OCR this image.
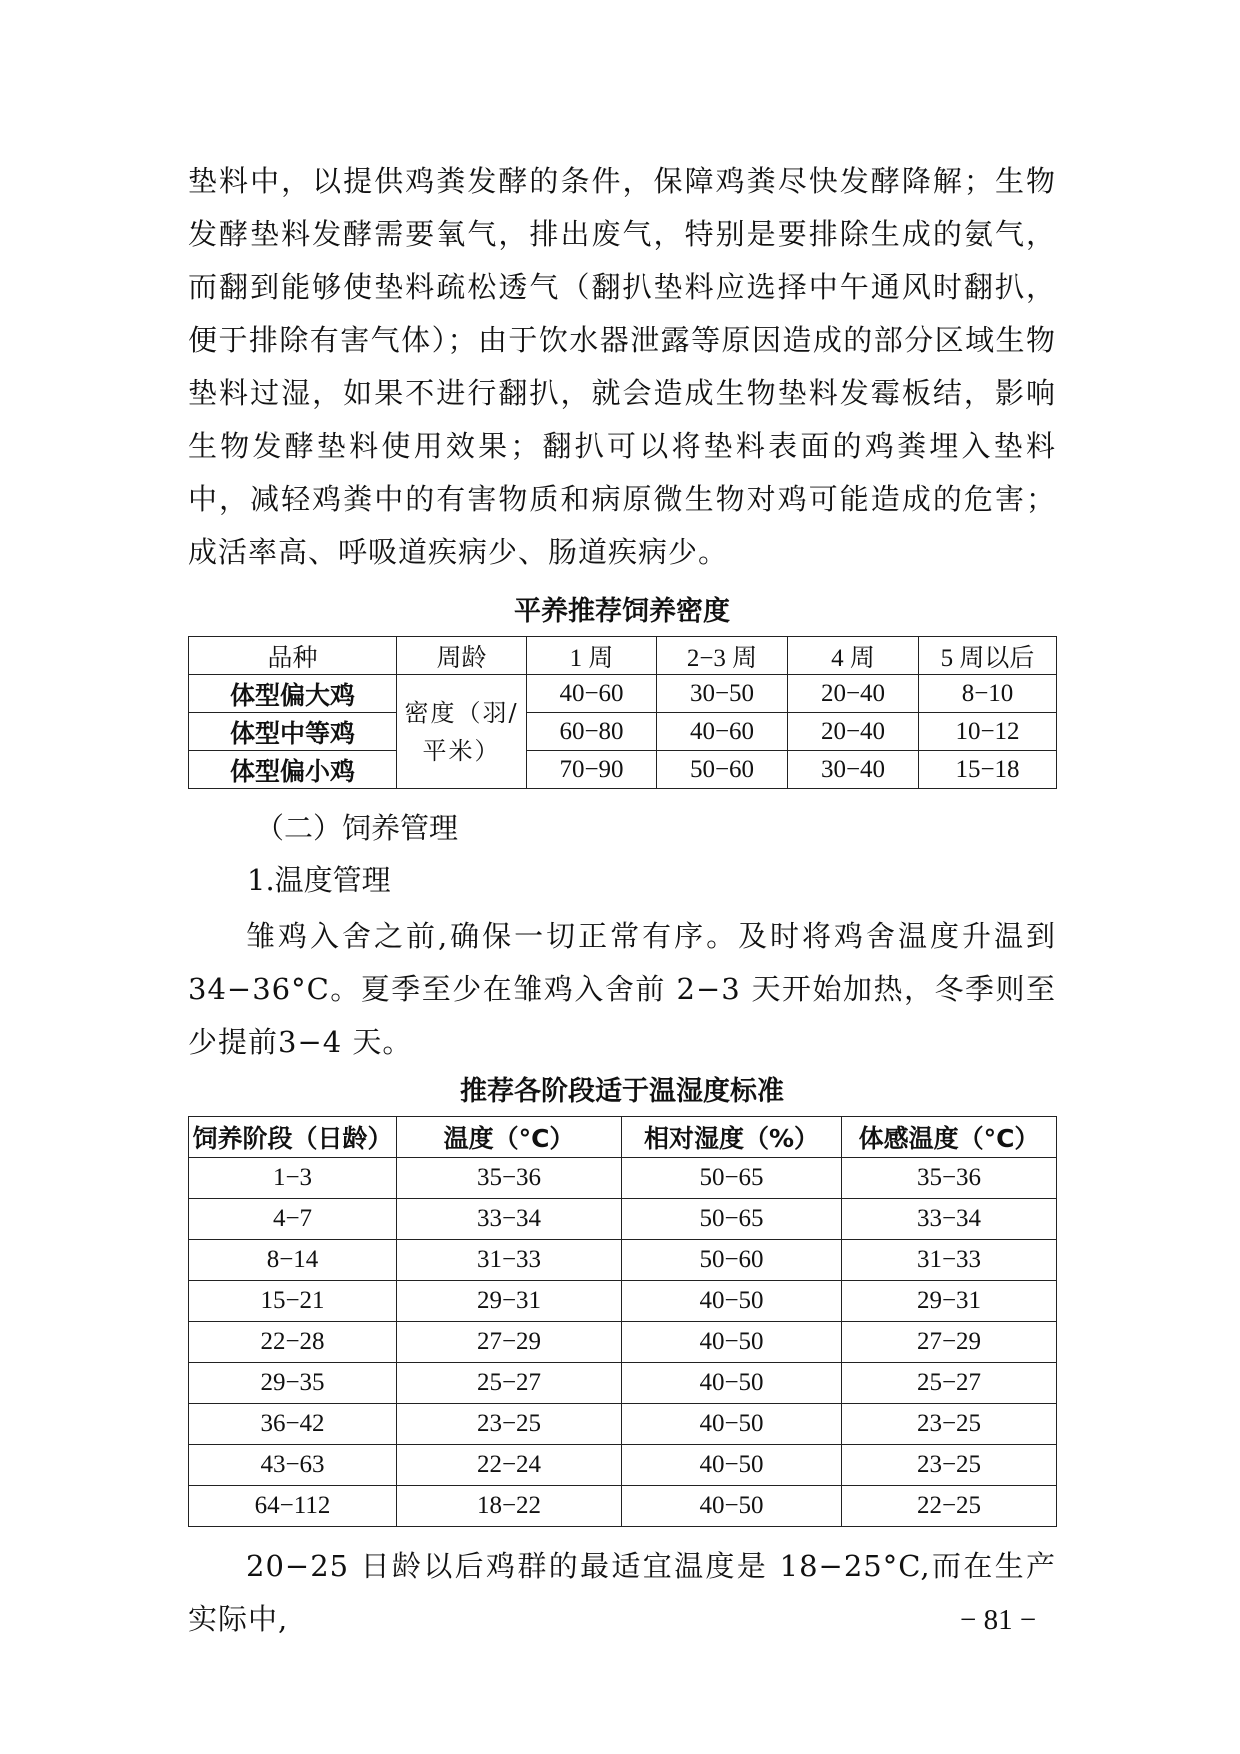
垫料中，以提供鸡粪发酵的条件，保障鸡粪尽快发酵降解；生物发酵垫料发酵需要氧气，排出废气，特别是要排除生成的氨气，而翻到能够使垫料疏松透气（翻扒垫料应选择中午通风时翻扒，便于排除有害气体）；由于饮水器泄露等原因造成的部分区域生物垫料过湿，如果不进行翻扒，就会造成生物垫料发霉板结，影响生物发酵垫料使用效果；翻扒可以将垫料表面的鸡粪埋入垫料中，减轻鸡粪中的有害物质和病原微生物对鸡可能造成的危害；成活率高、呼吸道疾病少、肠道疾病少。

平养推荐饲养密度

品种	周龄	1 周	2−3 周	4 周	5 周以后
体型偏大鸡	密度（羽/平米）	40−60	30−50	20−40	8−10
体型中等鸡		60−80	40−60	20−40	10−12
体型偏小鸡		70−90	50−60	30−40	15−18
（二）饲养管理
1.温度管理

雏鸡入舍之前,确保一切正常有序。及时将鸡舍温度升温到34−36°C。夏季至少在雏鸡入舍前 2−3 天开始加热，冬季则至少提前3−4 天。

推荐各阶段适于温湿度标准

饲养阶段（日龄）	温度（°C）	相对湿度（%）	体感温度（°C）
1−3	35−36	50−65	35−36
4−7	33−34	50−65	33−34
8−14	31−33	50−60	31−33
15−21	29−31	40−50	29−31
22−28	27−29	40−50	27−29
29−35	25−27	40−50	25−27
36−42	23−25	40−50	23−25
43−63	22−24	40−50	23−25
64−112	18−22	40−50	22−25

20−25 日龄以后鸡群的最适宜温度是 18−25°C,而在生产实际中,	− 81 −
